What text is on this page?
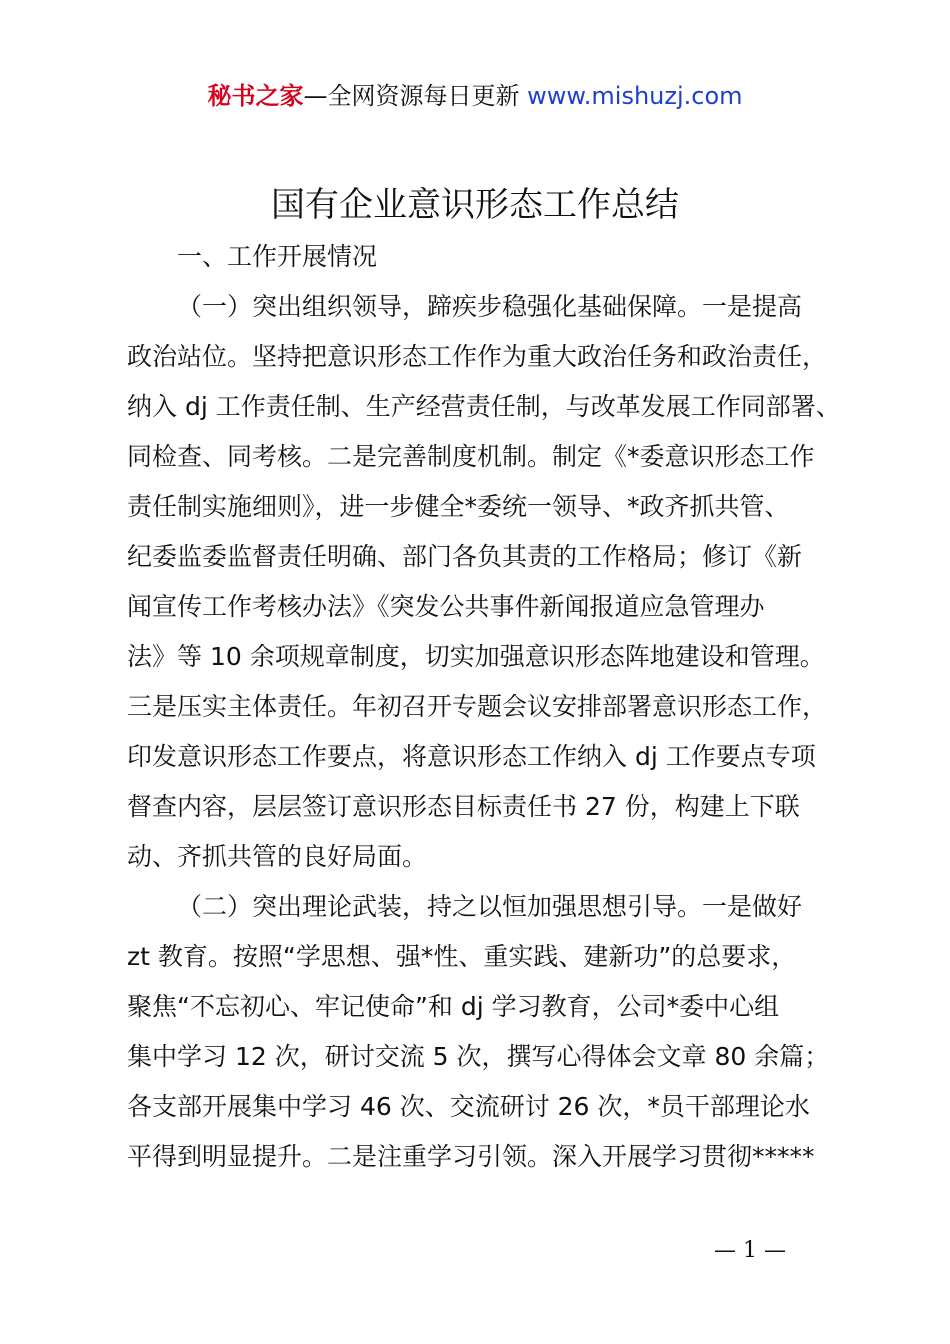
秘书之家—全网资源每日更新 www.mishuzj.com
国有企业意识形态工作总结
一、工作开展情况
（一）突出组织领导，蹄疾步稳强化基础保障。一是提高
政治站位。坚持把意识形态工作作为重大政治任务和政治责任，
纳入 dj 工作责任制、生产经营责任制，与改革发展工作同部署、
同检查、同考核。二是完善制度机制。制定《*委意识形态工作
责任制实施细则》，进一步健全*委统一领导、*政齐抓共管、
纪委监委监督责任明确、部门各负其责的工作格局；修订《新
闻宣传工作考核办法》《突发公共事件新闻报道应急管理办
法》等 10 余项规章制度，切实加强意识形态阵地建设和管理。
三是压实主体责任。年初召开专题会议安排部署意识形态工作，
印发意识形态工作要点，将意识形态工作纳入 dj 工作要点专项
督查内容，层层签订意识形态目标责任书 27 份，构建上下联
动、齐抓共管的良好局面。
（二）突出理论武装，持之以恒加强思想引导。一是做好
zt 教育。按照“学思想、强*性、重实践、建新功”的总要求，
聚焦“不忘初心、牢记使命”和 dj 学习教育，公司*委中心组
集中学习 12 次，研讨交流 5 次，撰写心得体会文章 80 余篇；
各支部开展集中学习 46 次、交流研讨 26 次，*员干部理论水
平得到明显提升。二是注重学习引领。深入开展学习贯彻*****
— 1 —
